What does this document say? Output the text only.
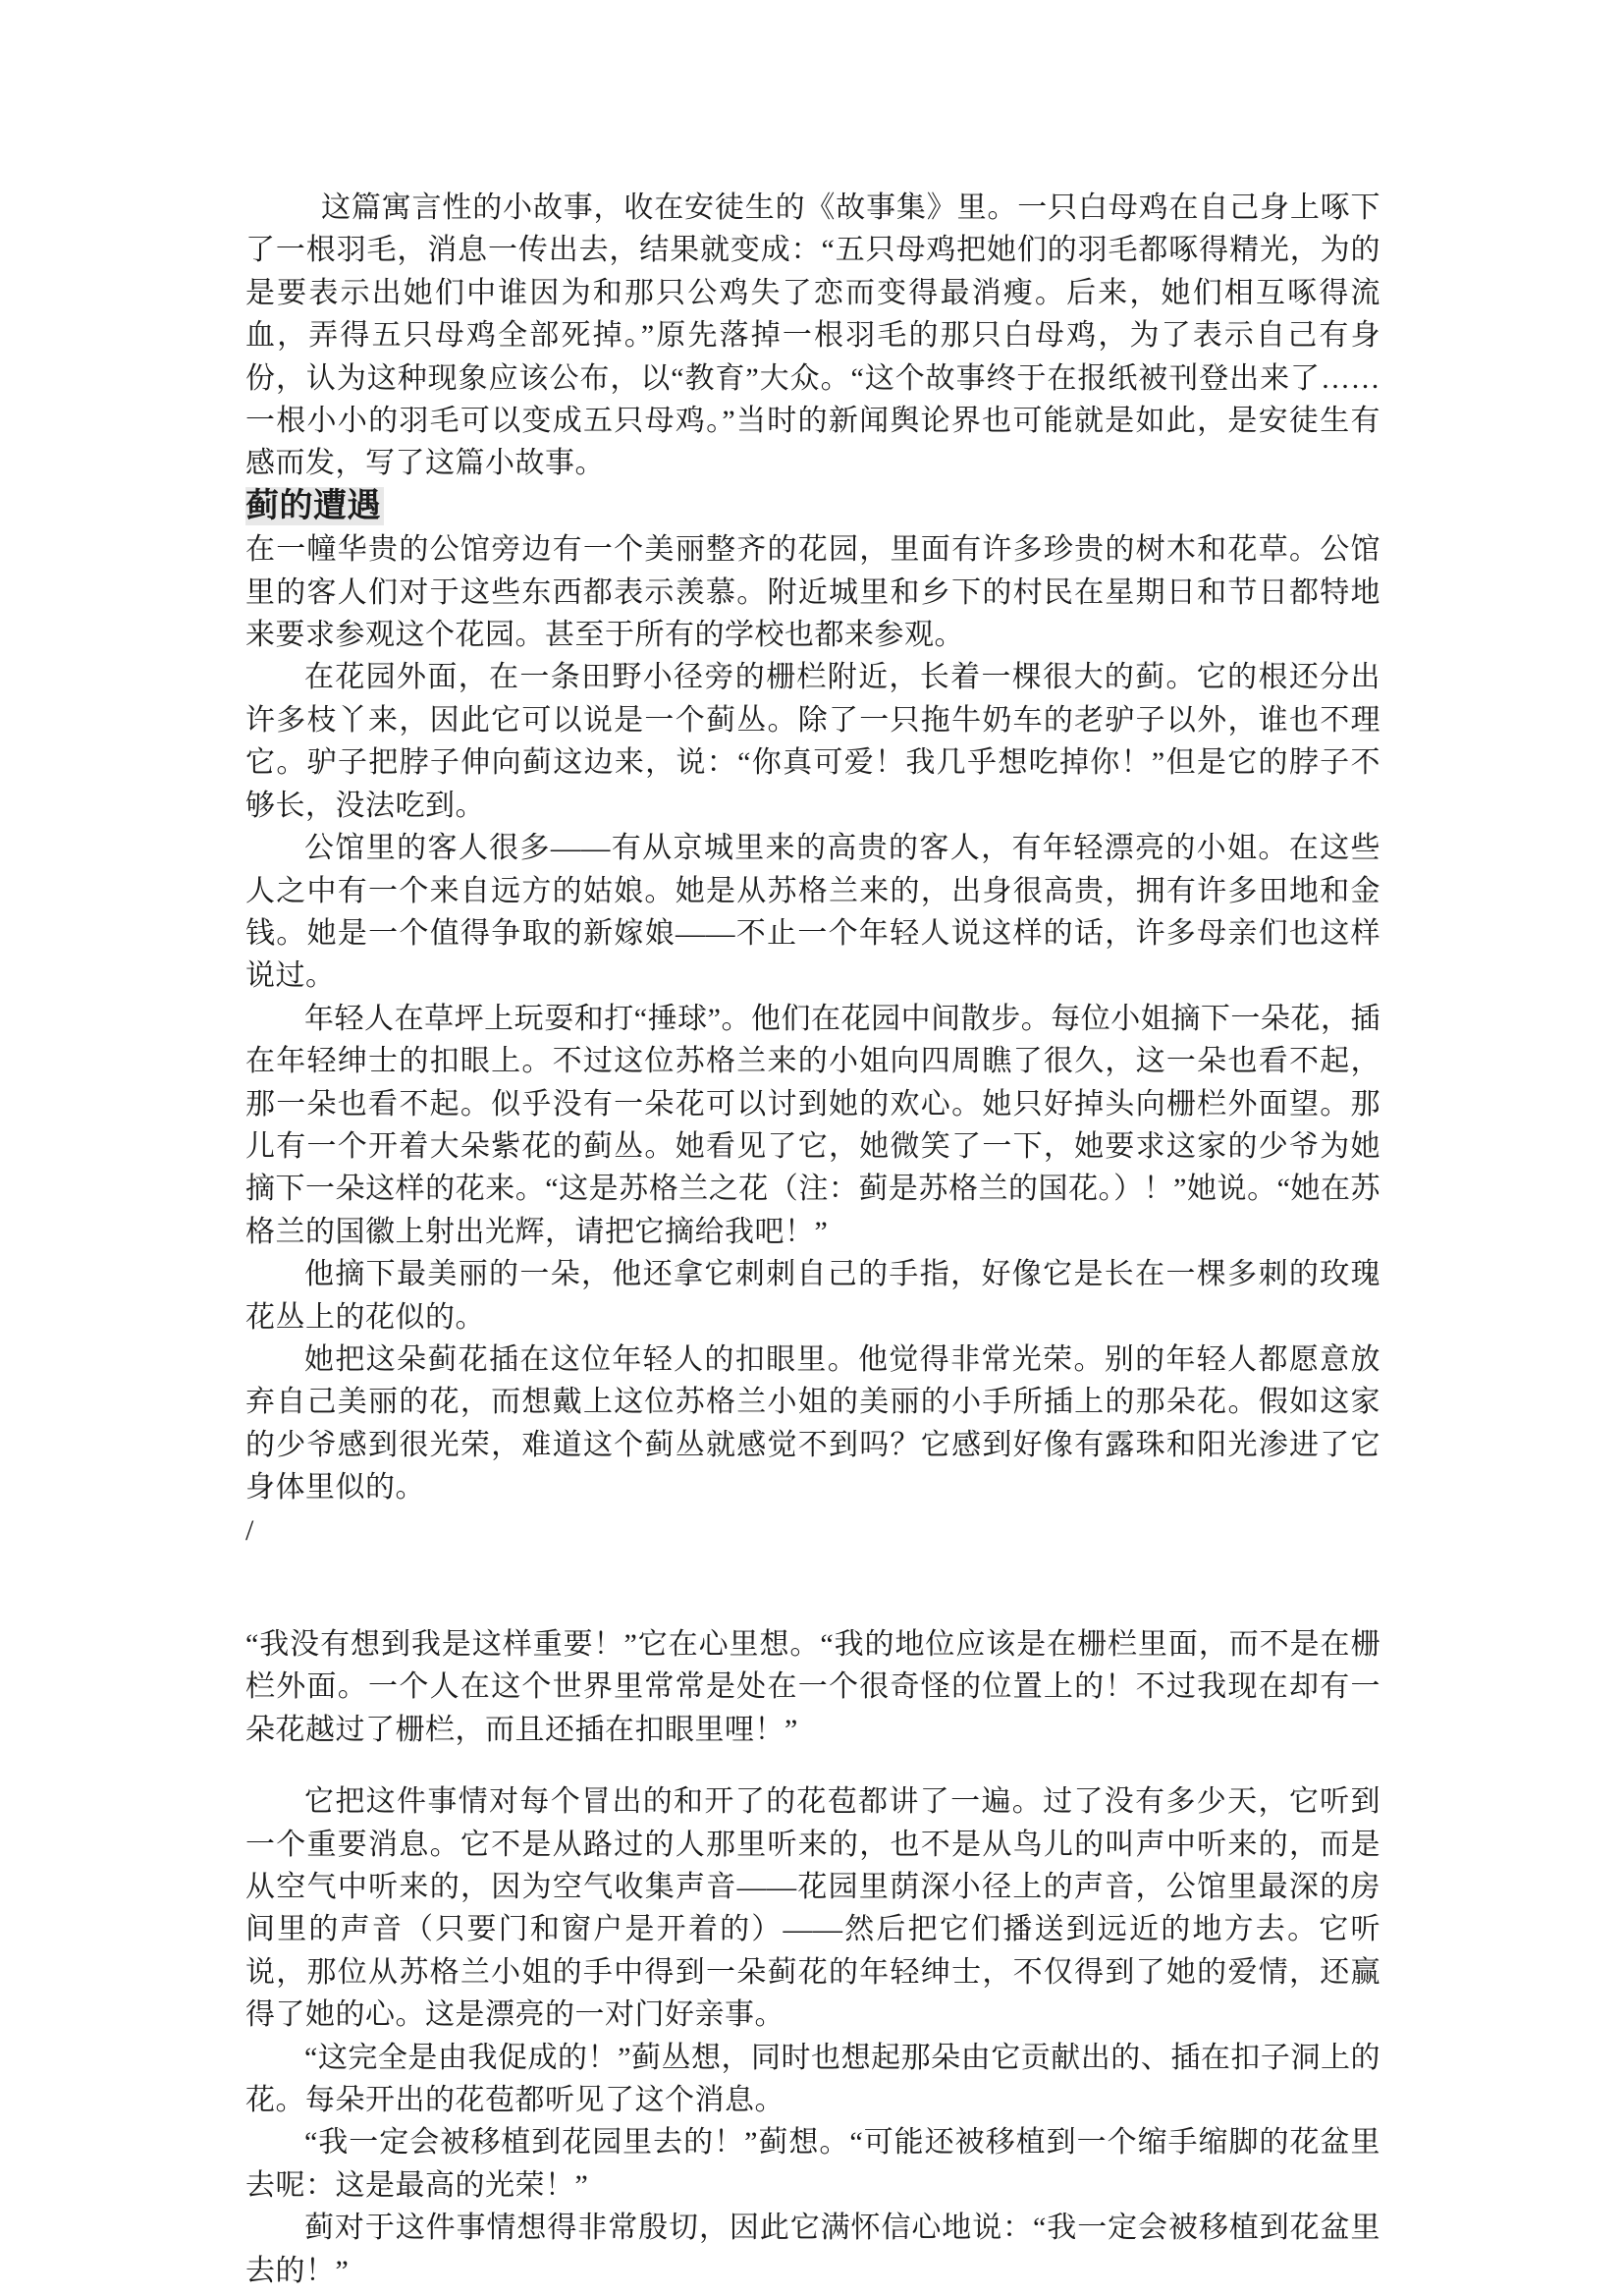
这篇寓言性的小故事，收在安徒生的《故事集》里。一只白母鸡在自己身上啄下了一根羽毛，消息一传出去，结果就变成：“五只母鸡把她们的羽毛都啄得精光，为的是要表示出她们中谁因为和那只公鸡失了恋而变得最消瘦。后来，她们相互啄得流血，弄得五只母鸡全部死掉。”原先落掉一根羽毛的那只白母鸡，为了表示自己有身份，认为这种现象应该公布，以“教育”大众。“这个故事终于在报纸被刊登出来了……一根小小的羽毛可以变成五只母鸡。”当时的新闻舆论界也可能就是如此，是安徒生有感而发，写了这篇小故事。

蓟的遭遇

在一幢华贵的公馆旁边有一个美丽整齐的花园，里面有许多珍贵的树木和花草。公馆里的客人们对于这些东西都表示羡慕。附近城里和乡下的村民在星期日和节日都特地来要求参观这个花园。甚至于所有的学校也都来参观。

在花园外面，在一条田野小径旁的栅栏附近，长着一棵很大的蓟。它的根还分出许多枝丫来，因此它可以说是一个蓟丛。除了一只拖牛奶车的老驴子以外，谁也不理它。驴子把脖子伸向蓟这边来，说：“你真可爱！我几乎想吃掉你！”但是它的脖子不够长，没法吃到。

公馆里的客人很多——有从京城里来的高贵的客人，有年轻漂亮的小姐。在这些人之中有一个来自远方的姑娘。她是从苏格兰来的，出身很高贵，拥有许多田地和金钱。她是一个值得争取的新嫁娘——不止一个年轻人说这样的话，许多母亲们也这样说过。

年轻人在草坪上玩耍和打“捶球”。他们在花园中间散步。每位小姐摘下一朵花，插在年轻绅士的扣眼上。不过这位苏格兰来的小姐向四周瞧了很久，这一朵也看不起，那一朵也看不起。似乎没有一朵花可以讨到她的欢心。她只好掉头向栅栏外面望。那儿有一个开着大朵紫花的蓟丛。她看见了它，她微笑了一下，她要求这家的少爷为她摘下一朵这样的花来。“这是苏格兰之花（注：蓟是苏格兰的国花。）！”她说。“她在苏格兰的国徽上射出光辉，请把它摘给我吧！”

他摘下最美丽的一朵，他还拿它刺刺自己的手指，好像它是长在一棵多刺的玫瑰花丛上的花似的。

她把这朵蓟花插在这位年轻人的扣眼里。他觉得非常光荣。别的年轻人都愿意放弃自己美丽的花，而想戴上这位苏格兰小姐的美丽的小手所插上的那朵花。假如这家的少爷感到很光荣，难道这个蓟丛就感觉不到吗？它感到好像有露珠和阳光渗进了它身体里似的。

/

“我没有想到我是这样重要！”它在心里想。“我的地位应该是在栅栏里面，而不是在栅栏外面。一个人在这个世界里常常是处在一个很奇怪的位置上的！不过我现在却有一朵花越过了栅栏，而且还插在扣眼里哩！”

它把这件事情对每个冒出的和开了的花苞都讲了一遍。过了没有多少天，它听到一个重要消息。它不是从路过的人那里听来的，也不是从鸟儿的叫声中听来的，而是从空气中听来的，因为空气收集声音——花园里荫深小径上的声音，公馆里最深的房间里的声音（只要门和窗户是开着的）——然后把它们播送到远近的地方去。它听说，那位从苏格兰小姐的手中得到一朵蓟花的年轻绅士，不仅得到了她的爱情，还赢得了她的心。这是漂亮的一对门好亲事。

“这完全是由我促成的！”蓟丛想，同时也想起那朵由它贡献出的、插在扣子洞上的花。每朵开出的花苞都听见了这个消息。

“我一定会被移植到花园里去的！”蓟想。“可能还被移植到一个缩手缩脚的花盆里去呢：这是最高的光荣！”

蓟对于这件事情想得非常殷切，因此它满怀信心地说：“我一定会被移植到花盆里去的！”
